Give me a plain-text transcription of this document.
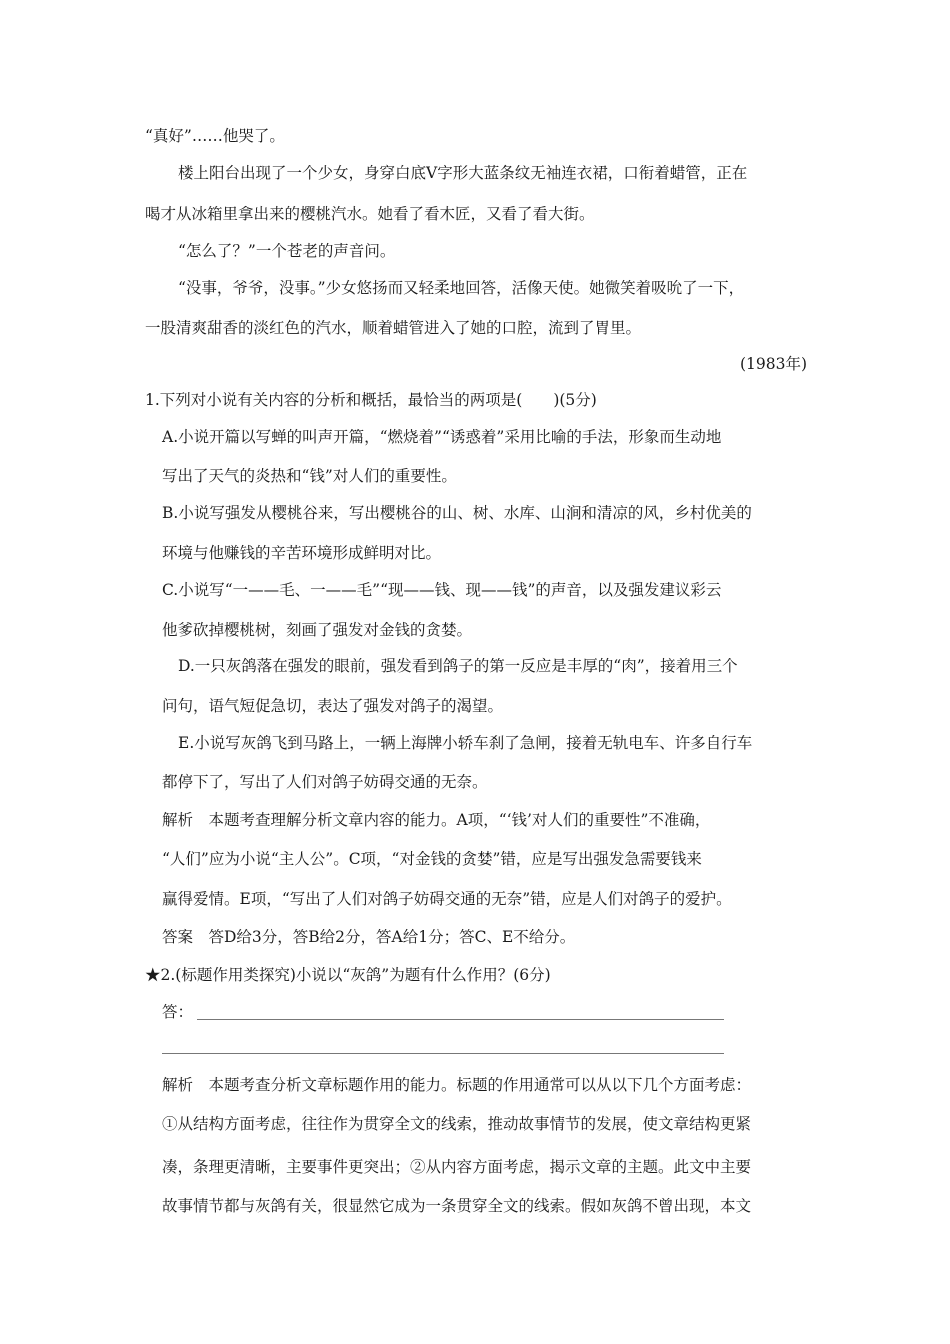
“真好”……他哭了。
楼上阳台出现了一个少女，身穿白底V字形大蓝条纹无袖连衣裙，口衔着蜡管，正在
喝才从冰箱里拿出来的樱桃汽水。她看了看木匠，又看了看大街。
“怎么了？”一个苍老的声音问。
“没事，爷爷，没事。”少女悠扬而又轻柔地回答，活像天使。她微笑着吸吮了一下，
一股清爽甜香的淡红色的汽水，顺着蜡管进入了她的口腔，流到了胃里。
(1983年)
1.下列对小说有关内容的分析和概括，最恰当的两项是(　　)(5分)
A.小说开篇以写蝉的叫声开篇，“燃烧着”“诱惑着”采用比喻的手法，形象而生动地
写出了天气的炎热和“钱”对人们的重要性。
B.小说写强发从樱桃谷来，写出樱桃谷的山、树、水库、山涧和清凉的风，乡村优美的
环境与他赚钱的辛苦环境形成鲜明对比。
C.小说写“一——毛、一——毛”“现——钱、现——钱”的声音，以及强发建议彩云
他爹砍掉樱桃树，刻画了强发对金钱的贪婪。
D.一只灰鸽落在强发的眼前，强发看到鸽子的第一反应是丰厚的“肉”，接着用三个
问句，语气短促急切，表达了强发对鸽子的渴望。
E.小说写灰鸽飞到马路上，一辆上海牌小轿车刹了急闸，接着无轨电车、许多自行车
都停下了，写出了人们对鸽子妨碍交通的无奈。
解析　本题考查理解分析文章内容的能力。A项，“‘钱’对人们的重要性”不准确，
“人们”应为小说“主人公”。C项，“对金钱的贪婪”错，应是写出强发急需要钱来
赢得爱情。E项，“写出了人们对鸽子妨碍交通的无奈”错，应是人们对鸽子的爱护。
答案　答D给3分，答B给2分，答A给1分；答C、E不给分。
★2.(标题作用类探究)小说以“灰鸽”为题有什么作用？(6分)
答：
解析　本题考查分析文章标题作用的能力。标题的作用通常可以从以下几个方面考虑：
①从结构方面考虑，往往作为贯穿全文的线索，推动故事情节的发展，使文章结构更紧
凑，条理更清晰，主要事件更突出；②从内容方面考虑，揭示文章的主题。此文中主要
故事情节都与灰鸽有关，很显然它成为一条贯穿全文的线索。假如灰鸽不曾出现，本文
